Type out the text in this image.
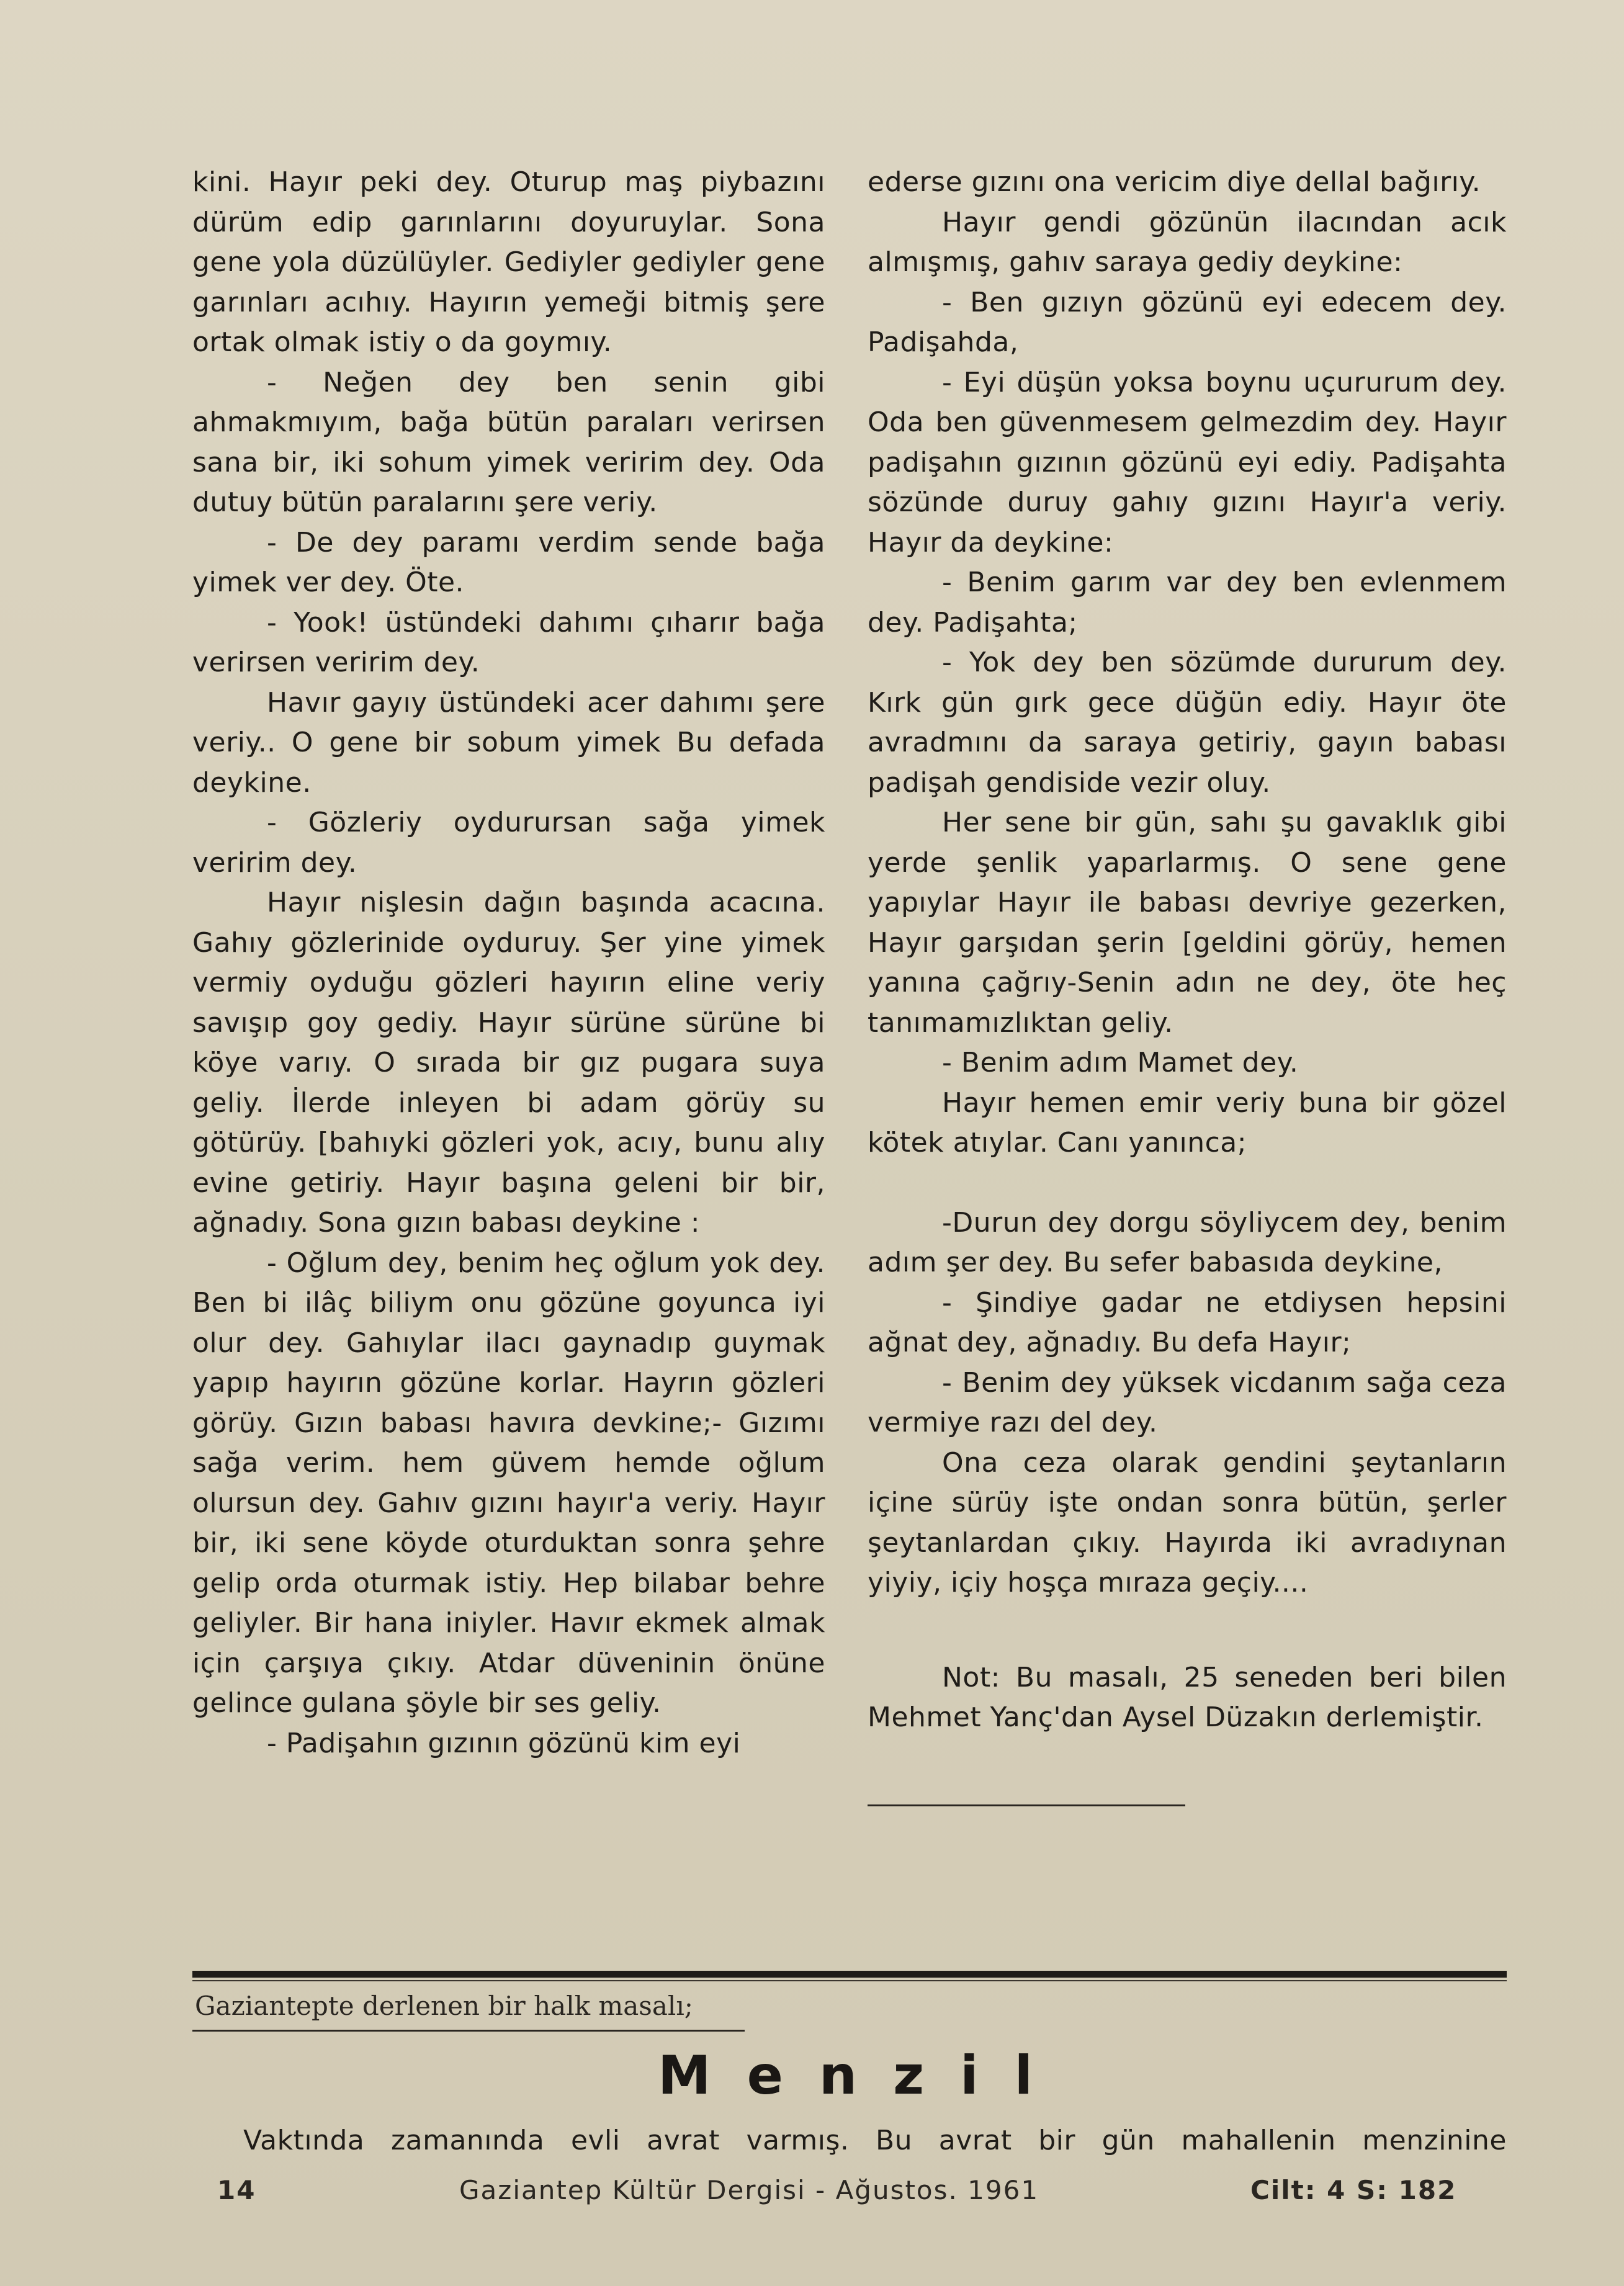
kini. Hayır peki dey. Oturup maş piybazını dürüm edip garınlarını doyuruylar. Sona gene yola düzülüyler. Gediyler gediyler gene garınları acıhıy. Hayırın yemeği bitmiş şere ortak olmak istiy o da goymıy.

- Neğen dey ben senin gibi ahmakmıyım, bağa bütün paraları verirsen sana bir, iki sohum yimek veririm dey. Oda dutuy bütün paralarını şere veriy.

- De dey paramı verdim sende bağa yimek ver dey. Öte.

- Yook! üstündeki dahımı çıharır bağa verirsen veririm dey.

Havır gayıy üstündeki acer dahımı şere veriy.. O gene bir sobum yimek Bu defada deykine.

- Gözleriy oydurursan sağa yimek veririm dey.

Hayır nişlesin dağın başında acacına. Gahıy gözlerinide oyduruy. Şer yine yimek vermiy oyduğu gözleri hayırın eline veriy savışıp goy gediy. Hayır sürüne sürüne bi köye varıy. O sırada bir gız pugara suya geliy. İlerde inleyen bi adam görüy su götürüy. [bahıyki gözleri yok, acıy, bunu alıy evine getiriy. Hayır başına geleni bir bir, ağnadıy. Sona gızın babası deykine :

- Oğlum dey, benim heç oğlum yok dey. Ben bi ilâç biliym onu gözüne goyunca iyi olur dey. Gahıylar ilacı gaynadıp guymak yapıp hayırın gözüne korlar. Hayrın gözleri görüy. Gızın babası havıra devkine;- Gızımı sağa verim. hem güvem hemde oğlum olursun dey. Gahıv gızını hayır'a veriy. Hayır bir, iki sene köyde oturduktan sonra şehre gelip orda oturmak istiy. Hep bilabar behre geliyler. Bir hana iniyler. Havır ekmek almak için çarşıya çıkıy. Atdar düveninin önüne gelince gulana şöyle bir ses geliy.

- Padişahın gızının gözünü kim eyi

ederse gızını ona vericim diye dellal bağırıy.

Hayır gendi gözünün ilacından acık almışmış, gahıv saraya gediy deykine:

- Ben gızıyn gözünü eyi edecem dey. Padişahda,

- Eyi düşün yoksa boynu uçururum dey. Oda ben güvenmesem gelmezdim dey. Hayır padişahın gızının gözünü eyi ediy. Padişahta sözünde duruy gahıy gızını Hayır'a veriy. Hayır da deykine:

- Benim garım var dey ben evlenmem dey. Padişahta;

- Yok dey ben sözümde dururum dey. Kırk gün gırk gece düğün ediy. Hayır öte avradmını da saraya getiriy, gayın babası padişah gendiside vezir oluy.

Her sene bir gün, sahı şu gavaklık gibi yerde şenlik yaparlarmış. O sene gene yapıylar Hayır ile babası devriye gezerken, Hayır garşıdan şerin [geldini görüy, hemen yanına çağrıy-Senin adın ne dey, öte heç tanımamızlıktan geliy.

- Benim adım Mamet dey.

Hayır hemen emir veriy buna bir gözel kötek atıylar. Canı yanınca;

-Durun dey dorgu söyliycem dey, benim adım şer dey. Bu sefer babasıda deykine,

- Şindiye gadar ne etdiysen hepsini ağnat dey, ağnadıy. Bu defa Hayır;

- Benim dey yüksek vicdanım sağa ceza vermiye razı del dey.

Ona ceza olarak gendini şeytanların içine sürüy işte ondan sonra bütün, şerler şeytanlardan çıkıy. Hayırda iki avradıynan yiyiy, içiy hoşça mıraza geçiy....

Not: Bu masalı, 25 seneden beri bilen Mehmet Yanç'dan Aysel Düzakın derlemiştir.

Gaziantepte derlenen bir halk masalı;
Menzil
Vaktında zamanında evli avrat varmış. Bu avrat bir gün mahallenin menzinine
14	Gaziantep Kültür Dergisi - Ağustos. 1961	Cilt: 4 S: 182
